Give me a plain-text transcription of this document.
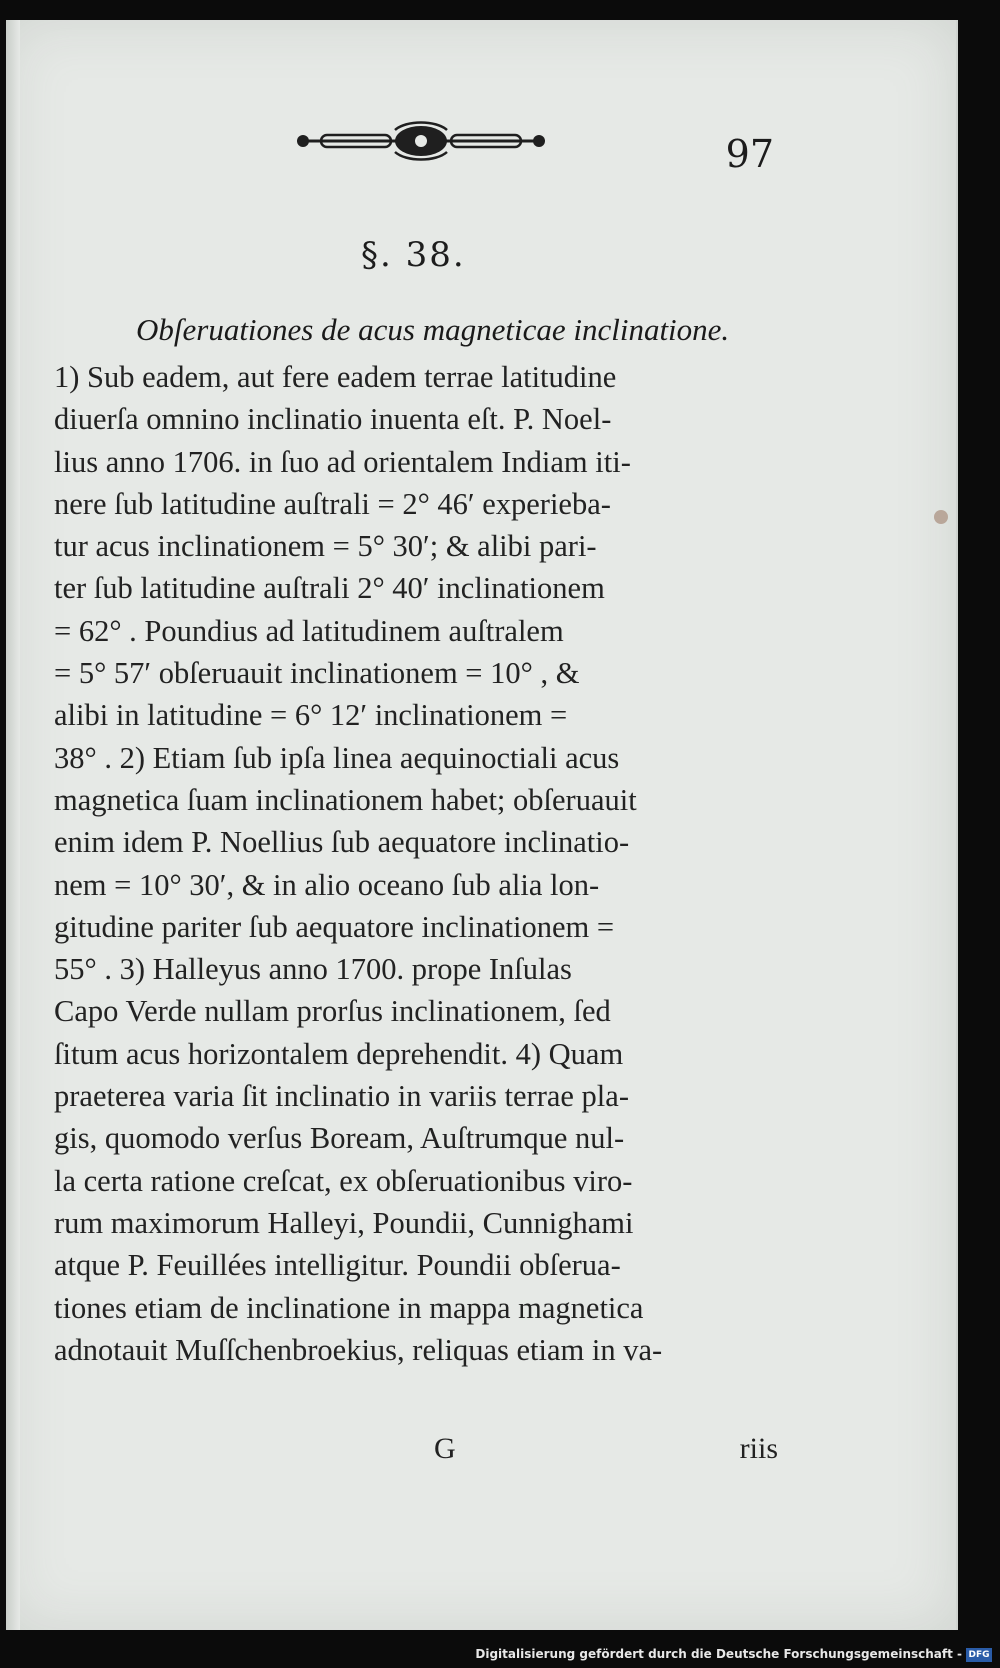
97
§. 38.
Obſeruationes de acus magneticae inclinatione.
1) Sub eadem, aut fere eadem terrae latitudine
diuerſa omnino inclinatio inuenta eſt. P. Noel-
lius anno 1706. in ſuo ad orientalem Indiam iti-
nere ſub latitudine auſtrali = 2° 46′ experieba-
tur acus inclinationem = 5° 30′; & alibi pari-
ter ſub latitudine auſtrali 2° 40′ inclinationem
= 62° . Poundius ad latitudinem auſtralem
= 5° 57′ obſeruauit inclinationem = 10° , &
alibi in latitudine = 6° 12′ inclinationem =
38° . 2) Etiam ſub ipſa linea aequinoctiali acus
magnetica ſuam inclinationem habet; obſeruauit
enim idem P. Noellius ſub aequatore inclinatio-
nem = 10° 30′, & in alio oceano ſub alia lon-
gitudine pariter ſub aequatore inclinationem =
55° . 3) Halleyus anno 1700. prope Inſulas
Capo Verde nullam prorſus inclinationem, ſed
ſitum acus horizontalem deprehendit. 4) Quam
praeterea varia ſit inclinatio in variis terrae pla-
gis, quomodo verſus Boream, Auſtrumque nul-
la certa ratione creſcat, ex obſeruationibus viro-
rum maximorum Halleyi, Poundii, Cunnighami
atque P. Feuillées intelligitur. Poundii obſerua-
tiones etiam de inclinatione in mappa magnetica
adnotauit Muſſchenbroekius, reliquas etiam in va-
G	riis
Digitalisierung gefördert durch die Deutsche Forschungsgemeinschaft - DFG
